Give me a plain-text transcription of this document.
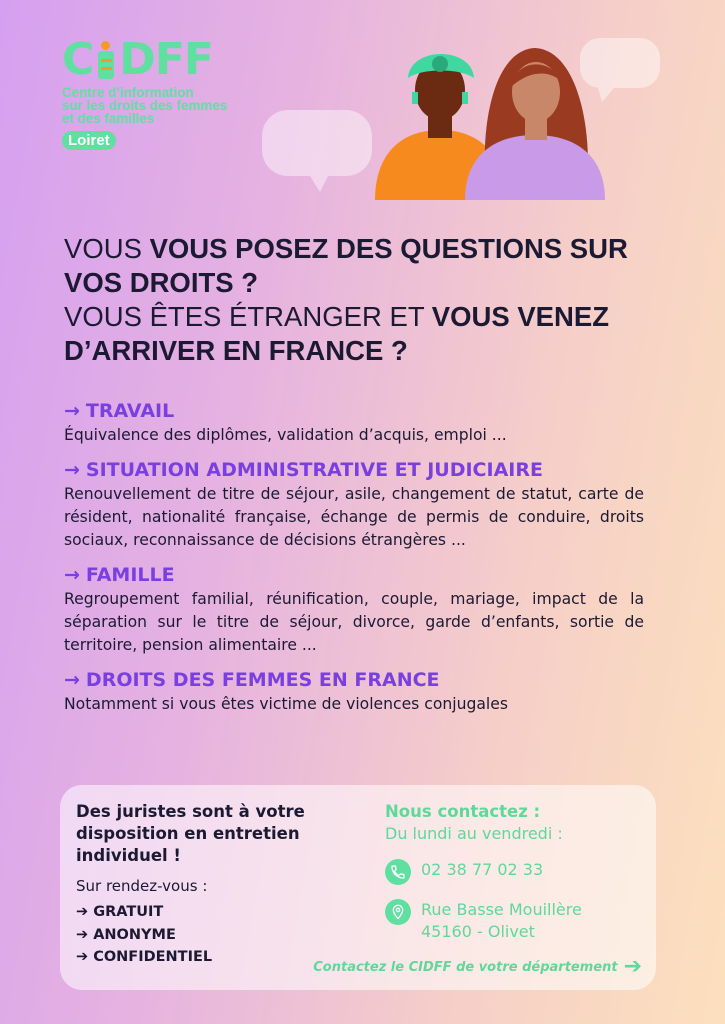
C DFF
Centre d’information
sur les droits des femmes
et des familles
Loiret
VOUS VOUS POSEZ DES QUESTIONS SUR
VOS DROITS ?
VOUS ÊTES ÉTRANGER ET VOUS VENEZ
D’ARRIVER EN FRANCE ?
→ TRAVAIL
Équivalence des diplômes, validation d’acquis, emploi ...
→ SITUATION ADMINISTRATIVE ET JUDICIAIRE
Renouvellement de titre de séjour, asile, changement de statut, carte de résident, nationalité française, échange de permis de conduire, droits sociaux, reconnaissance de décisions étrangères ...
→ FAMILLE
Regroupement familial, réunification, couple, mariage, impact de la séparation sur le titre de séjour, divorce, garde d’enfants, sortie de territoire, pension alimentaire ...
→ DROITS DES FEMMES EN FRANCE
Notamment si vous êtes victime de violences conjugales
Des juristes sont à votre disposition en entretien individuel !
Sur rendez-vous :
➔ GRATUIT
➔ ANONYME
➔ CONFIDENTIEL
Nous contactez :
Du lundi au vendredi :
02 38 77 02 33
Rue Basse Mouillère
45160 - Olivet
Contactez le CIDFF de votre département ➔
